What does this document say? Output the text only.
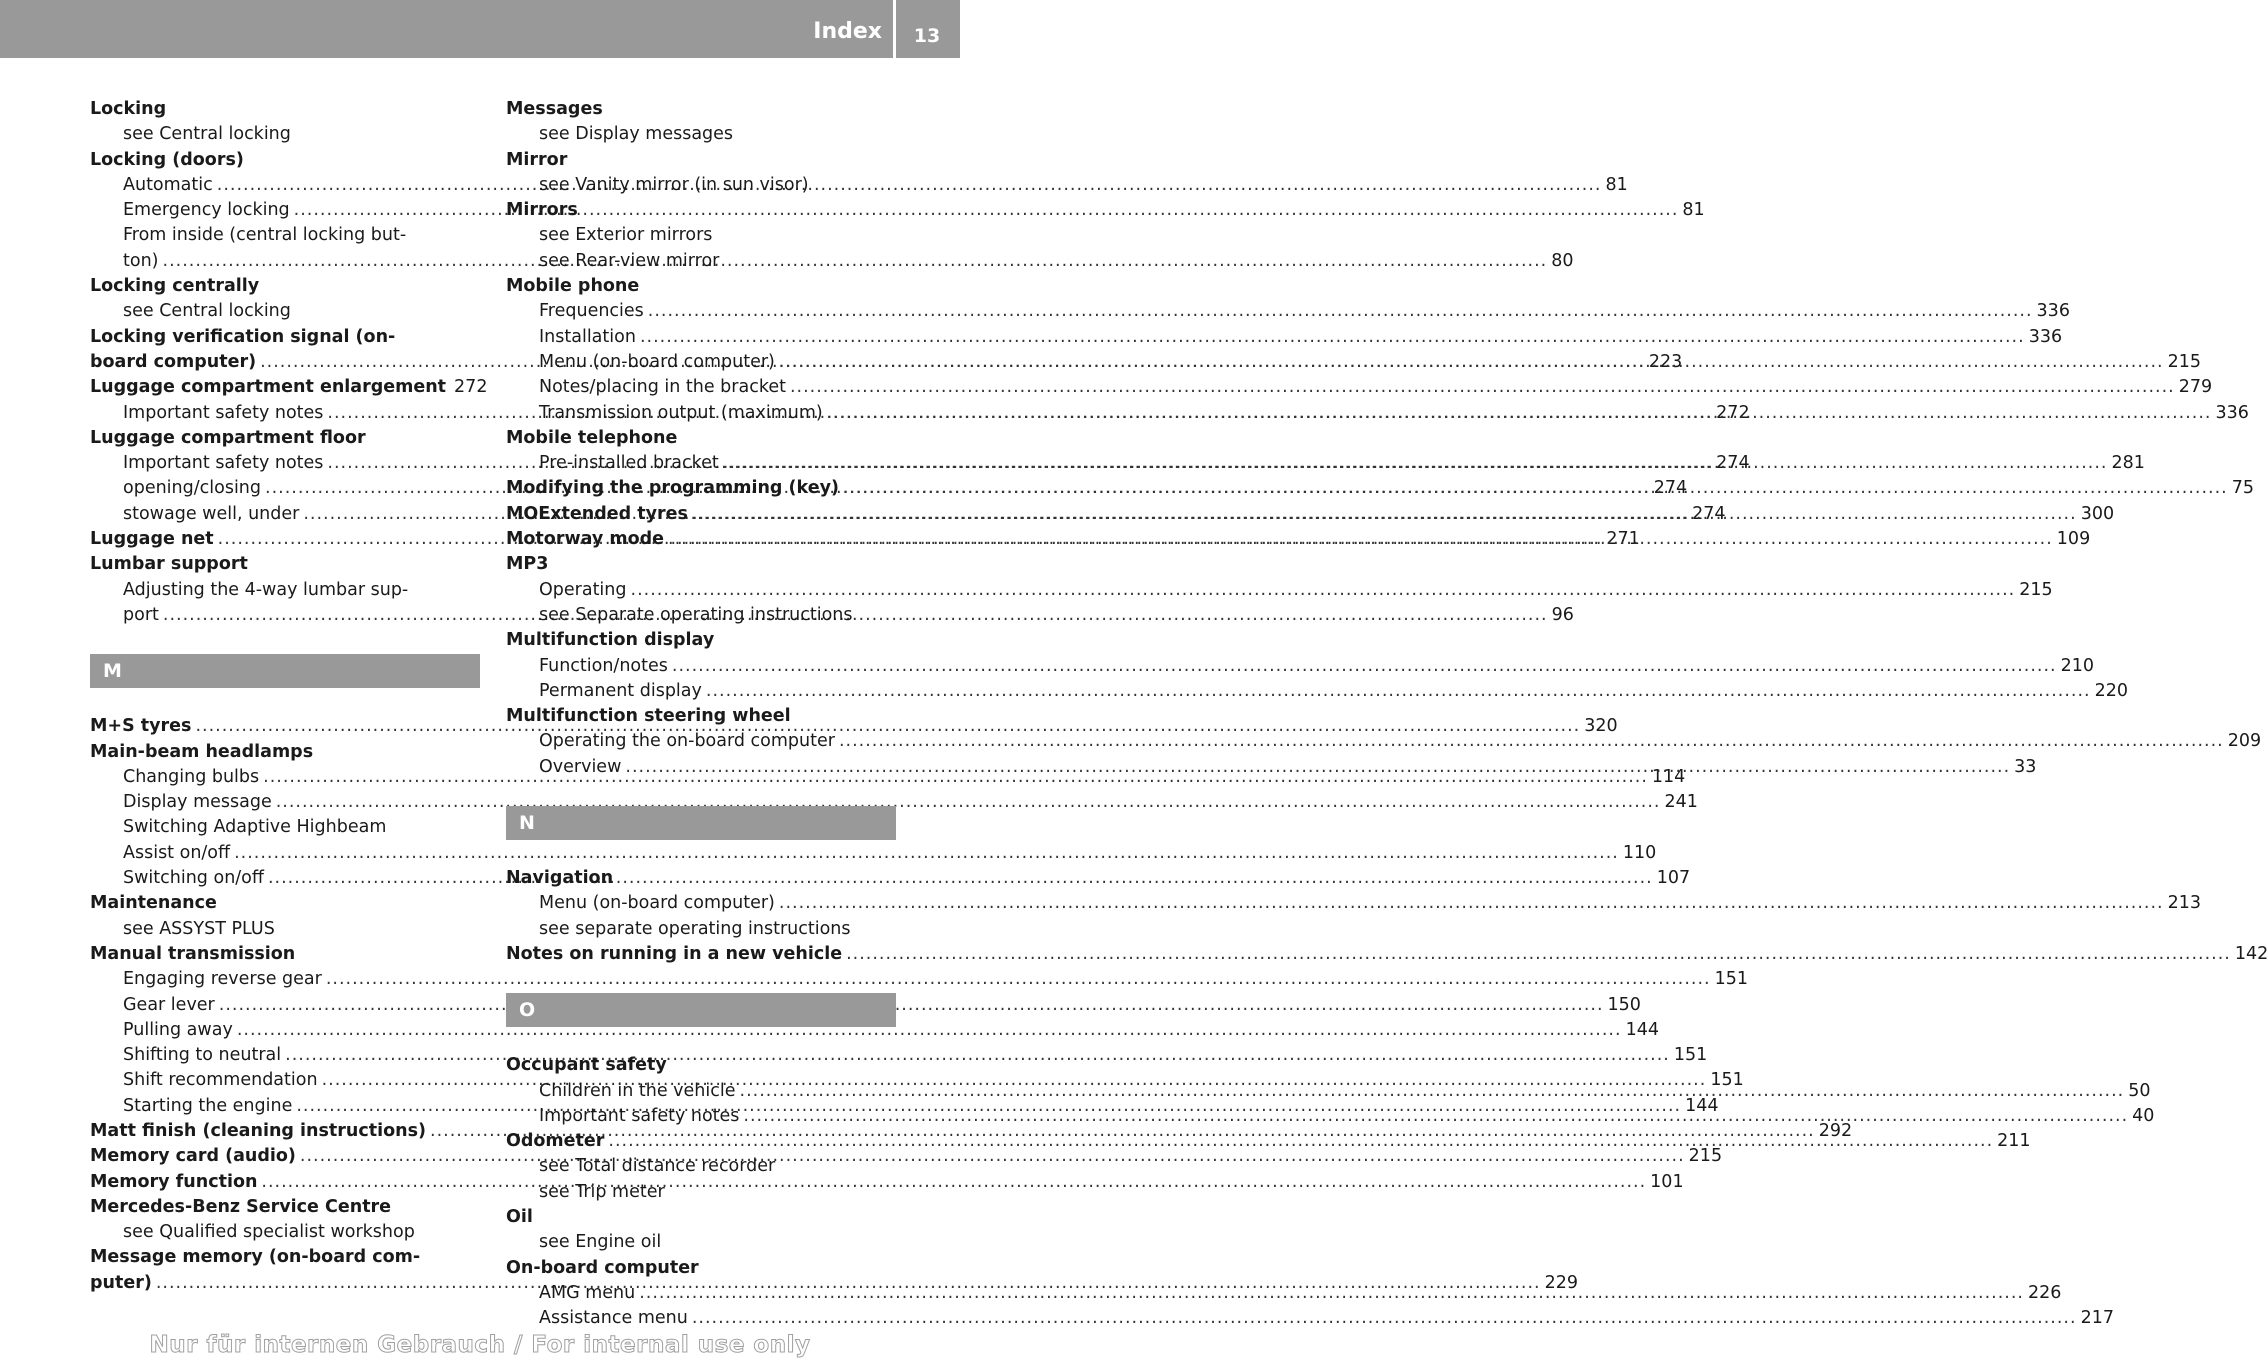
Index	13
Locking
see Central locking
Locking (doors)
Automatic .....	81
Emergency locking .....	81
From inside (central locking but-
ton) .....	80
Locking centrally
see Central locking
Locking verification signal (on-
board computer) .....	223
Luggage compartment enlargement 272
Important safety notes .....	272
Luggage compartment floor
Important safety notes .....	274
opening/closing .....	274
stowage well, under .....	274
Luggage net .....	271
Lumbar support
Adjusting the 4-way lumbar sup-
port .....	96
M
M+S tyres .....	320
Main-beam headlamps
Changing bulbs .....	114
Display message .....	241
Switching Adaptive Highbeam
Assist on/off .....	110
Switching on/off .....	107
Maintenance
see ASSYST PLUS
Manual transmission
Engaging reverse gear .....	151
Gear lever .....	150
Pulling away .....	144
Shifting to neutral .....	151
Shift recommendation .....	151
Starting the engine .....	144
Matt finish (cleaning instructions) .....	292
Memory card (audio) .....	215
Memory function .....	101
Mercedes-Benz Service Centre
see Qualified specialist workshop
Message memory (on-board com-
puter) .....	229
Messages
see Display messages
Mirror
see Vanity mirror (in sun visor)
Mirrors
see Exterior mirrors
see Rear-view mirror
Mobile phone
Frequencies .....	336
Installation .....	336
Menu (on-board computer) .....	215
Notes/placing in the bracket .....	279
Transmission output (maximum) .....	336
Mobile telephone
Pre-installed bracket .....	281
Modifying the programming (key) .....	75
MOExtended tyres .....	300
Motorway mode .....	109
MP3
Operating .....	215
see Separate operating instructions
Multifunction display
Function/notes .....	210
Permanent display .....	220
Multifunction steering wheel
Operating the on-board computer .....	209
Overview .....	33
N
Navigation
Menu (on-board computer) .....	213
see separate operating instructions
Notes on running in a new vehicle .....	142
O
Occupant safety
Children in the vehicle .....	50
Important safety notes .....	40
Odometer .....	211
see Total distance recorder
see Trip meter
Oil
see Engine oil
On-board computer
AMG menu .....	226
Assistance menu .....	217
Nur für internen Gebrauch / For internal use only
